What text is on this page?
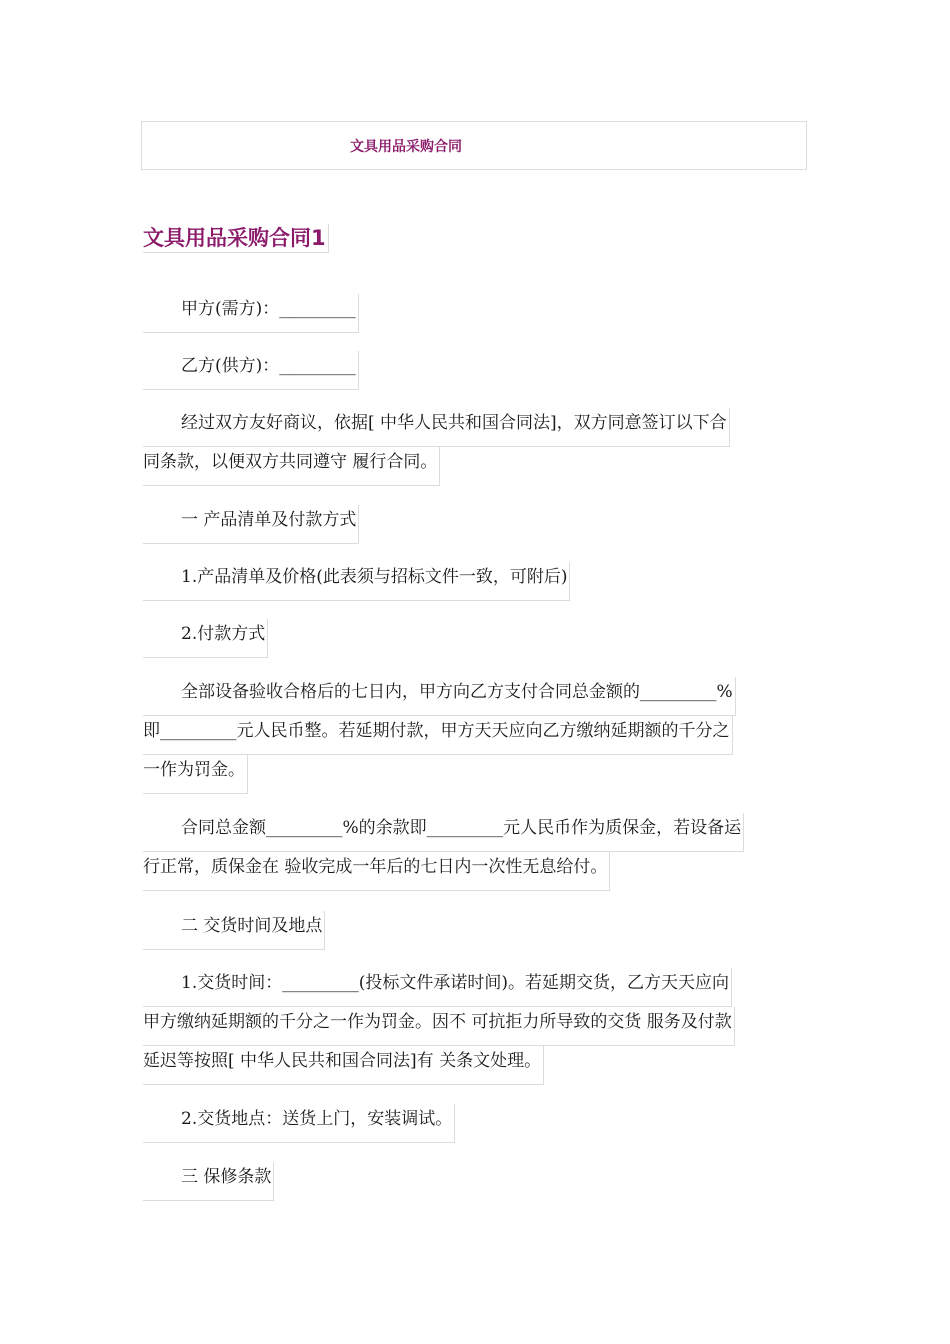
文具用品采购合同
文具用品采购合同1
甲方(需方)：_________
乙方(供方)：_________
经过双方友好商议，依据[ 中华人民共和国合同法]，双方同意签订以下合
同条款，以便双方共同遵守 履行合同。
一 产品清单及付款方式
1.产品清单及价格(此表须与招标文件一致，可附后)
2.付款方式
全部设备验收合格后的七日内，甲方向乙方支付合同总金额的_________%
即_________元人民币整。若延期付款，甲方天天应向乙方缴纳延期额的千分之
一作为罚金。
合同总金额_________%的余款即_________元人民币作为质保金，若设备运
行正常，质保金在 验收完成一年后的七日内一次性无息给付。
二 交货时间及地点
1.交货时间：_________(投标文件承诺时间)。若延期交货，乙方天天应向
甲方缴纳延期额的千分之一作为罚金。因不 可抗拒力所导致的交货 服务及付款
延迟等按照[ 中华人民共和国合同法]有 关条文处理。
2.交货地点：送货上门，安装调试。
三 保修条款
